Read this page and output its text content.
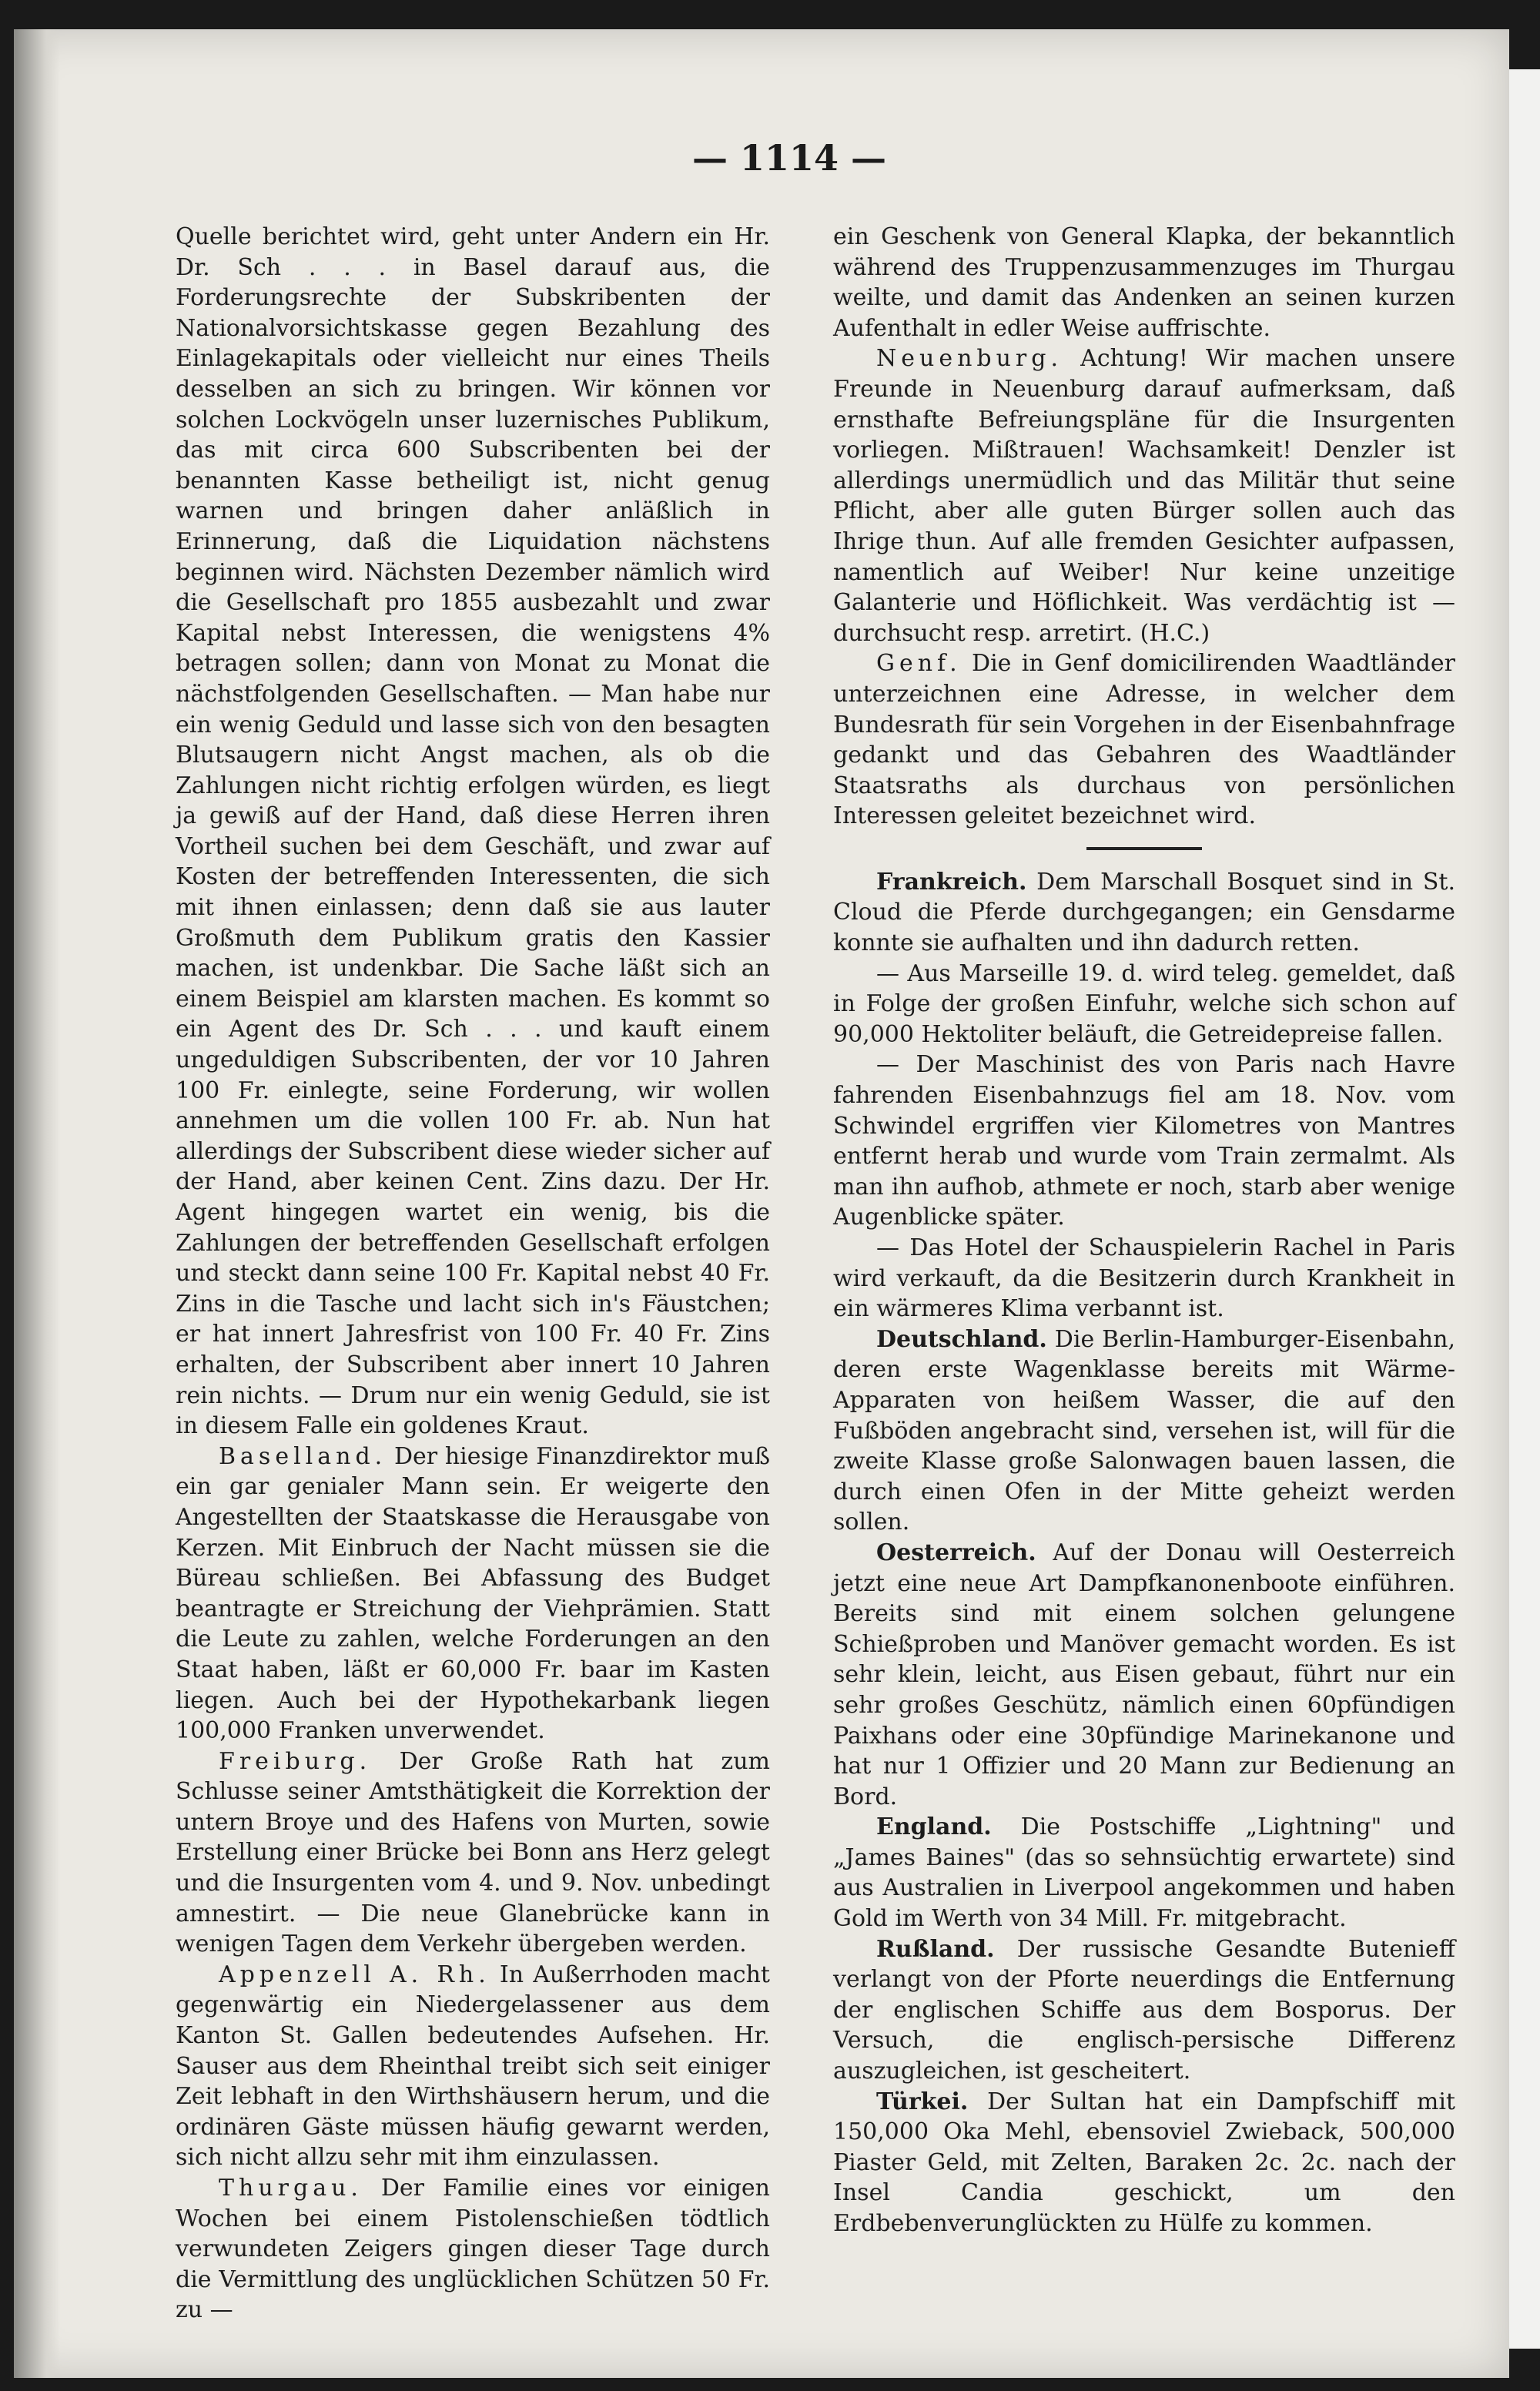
— 1114 —

Quelle berichtet wird, geht unter Andern ein Hr. Dr. Sch . . . in Basel darauf aus, die Forderungsrechte der Subskribenten der Nationalvorsichtskasse gegen Bezahlung des Einlagekapitals oder vielleicht nur eines Theils desselben an sich zu bringen. Wir können vor solchen Lockvögeln unser luzernisches Publikum, das mit circa 600 Subscribenten bei der benannten Kasse betheiligt ist, nicht genug warnen und bringen daher anläßlich in Erinnerung, daß die Liquidation nächstens beginnen wird. Nächsten Dezember nämlich wird die Gesellschaft pro 1855 ausbezahlt und zwar Kapital nebst Interessen, die wenigstens 4% betragen sollen; dann von Monat zu Monat die nächstfolgenden Gesellschaften. — Man habe nur ein wenig Geduld und lasse sich von den besagten Blutsaugern nicht Angst machen, als ob die Zahlungen nicht richtig erfolgen würden, es liegt ja gewiß auf der Hand, daß diese Herren ihren Vortheil suchen bei dem Geschäft, und zwar auf Kosten der betreffenden Interessenten, die sich mit ihnen einlassen; denn daß sie aus lauter Großmuth dem Publikum gratis den Kassier machen, ist undenkbar. Die Sache läßt sich an einem Beispiel am klarsten machen. Es kommt so ein Agent des Dr. Sch . . . und kauft einem ungeduldigen Subscribenten, der vor 10 Jahren 100 Fr. einlegte, seine Forderung, wir wollen annehmen um die vollen 100 Fr. ab. Nun hat allerdings der Subscribent diese wieder sicher auf der Hand, aber keinen Cent. Zins dazu. Der Hr. Agent hingegen wartet ein wenig, bis die Zahlungen der betreffenden Gesellschaft erfolgen und steckt dann seine 100 Fr. Kapital nebst 40 Fr. Zins in die Tasche und lacht sich in's Fäustchen; er hat innert Jahresfrist von 100 Fr. 40 Fr. Zins erhalten, der Subscribent aber innert 10 Jahren rein nichts. — Drum nur ein wenig Geduld, sie ist in diesem Falle ein goldenes Kraut.

Baselland. Der hiesige Finanzdirektor muß ein gar genialer Mann sein. Er weigerte den Angestellten der Staatskasse die Herausgabe von Kerzen. Mit Einbruch der Nacht müssen sie die Büreau schließen. Bei Abfassung des Budget beantragte er Streichung der Viehprämien. Statt die Leute zu zahlen, welche Forderungen an den Staat haben, läßt er 60,000 Fr. baar im Kasten liegen. Auch bei der Hypothekarbank liegen 100,000 Franken unverwendet.

Freiburg. Der Große Rath hat zum Schlusse seiner Amtsthätigkeit die Korrektion der untern Broye und des Hafens von Murten, sowie Erstellung einer Brücke bei Bonn ans Herz gelegt und die Insurgenten vom 4. und 9. Nov. unbedingt amnestirt. — Die neue Glanebrücke kann in wenigen Tagen dem Verkehr übergeben werden.

Appenzell A. Rh. In Außerrhoden macht gegenwärtig ein Niedergelassener aus dem Kanton St. Gallen bedeutendes Aufsehen. Hr. Sauser aus dem Rheinthal treibt sich seit einiger Zeit lebhaft in den Wirthshäusern herum, und die ordinären Gäste müssen häufig gewarnt werden, sich nicht allzu sehr mit ihm einzulassen.

Thurgau. Der Familie eines vor einigen Wochen bei einem Pistolenschießen tödtlich verwundeten Zeigers gingen dieser Tage durch die Vermittlung des unglücklichen Schützen 50 Fr. zu —

ein Geschenk von General Klapka, der bekanntlich während des Truppenzusammenzuges im Thurgau weilte, und damit das Andenken an seinen kurzen Aufenthalt in edler Weise auffrischte.

Neuenburg. Achtung! Wir machen unsere Freunde in Neuenburg darauf aufmerksam, daß ernsthafte Befreiungspläne für die Insurgenten vorliegen. Mißtrauen! Wachsamkeit! Denzler ist allerdings unermüdlich und das Militär thut seine Pflicht, aber alle guten Bürger sollen auch das Ihrige thun. Auf alle fremden Gesichter aufpassen, namentlich auf Weiber! Nur keine unzeitige Galanterie und Höflichkeit. Was verdächtig ist — durchsucht resp. arretirt. (H.C.)

Genf. Die in Genf domicilirenden Waadtländer unterzeichnen eine Adresse, in welcher dem Bundesrath für sein Vorgehen in der Eisenbahnfrage gedankt und das Gebahren des Waadtländer Staatsraths als durchaus von persönlichen Interessen geleitet bezeichnet wird.

Frankreich. Dem Marschall Bosquet sind in St. Cloud die Pferde durchgegangen; ein Gensdarme konnte sie aufhalten und ihn dadurch retten.

— Aus Marseille 19. d. wird teleg. gemeldet, daß in Folge der großen Einfuhr, welche sich schon auf 90,000 Hektoliter beläuft, die Getreidepreise fallen.

— Der Maschinist des von Paris nach Havre fahrenden Eisenbahnzugs fiel am 18. Nov. vom Schwindel ergriffen vier Kilometres von Mantres entfernt herab und wurde vom Train zermalmt. Als man ihn aufhob, athmete er noch, starb aber wenige Augenblicke später.

— Das Hotel der Schauspielerin Rachel in Paris wird verkauft, da die Besitzerin durch Krankheit in ein wärmeres Klima verbannt ist.

Deutschland. Die Berlin-Hamburger-Eisenbahn, deren erste Wagenklasse bereits mit Wärme-Apparaten von heißem Wasser, die auf den Fußböden angebracht sind, versehen ist, will für die zweite Klasse große Salonwagen bauen lassen, die durch einen Ofen in der Mitte geheizt werden sollen.

Oesterreich. Auf der Donau will Oesterreich jetzt eine neue Art Dampfkanonenboote einführen. Bereits sind mit einem solchen gelungene Schießproben und Manöver gemacht worden. Es ist sehr klein, leicht, aus Eisen gebaut, führt nur ein sehr großes Geschütz, nämlich einen 60pfündigen Paixhans oder eine 30pfündige Marinekanone und hat nur 1 Offizier und 20 Mann zur Bedienung an Bord.

England. Die Postschiffe „Lightning" und „James Baines" (das so sehnsüchtig erwartete) sind aus Australien in Liverpool angekommen und haben Gold im Werth von 34 Mill. Fr. mitgebracht.

Rußland. Der russische Gesandte Butenieff verlangt von der Pforte neuerdings die Entfernung der englischen Schiffe aus dem Bosporus. Der Versuch, die englisch-persische Differenz auszugleichen, ist gescheitert.

Türkei. Der Sultan hat ein Dampfschiff mit 150,000 Oka Mehl, ebensoviel Zwieback, 500,000 Piaster Geld, mit Zelten, Baraken 2c. 2c. nach der Insel Candia geschickt, um den Erdbebenverunglückten zu Hülfe zu kommen.
